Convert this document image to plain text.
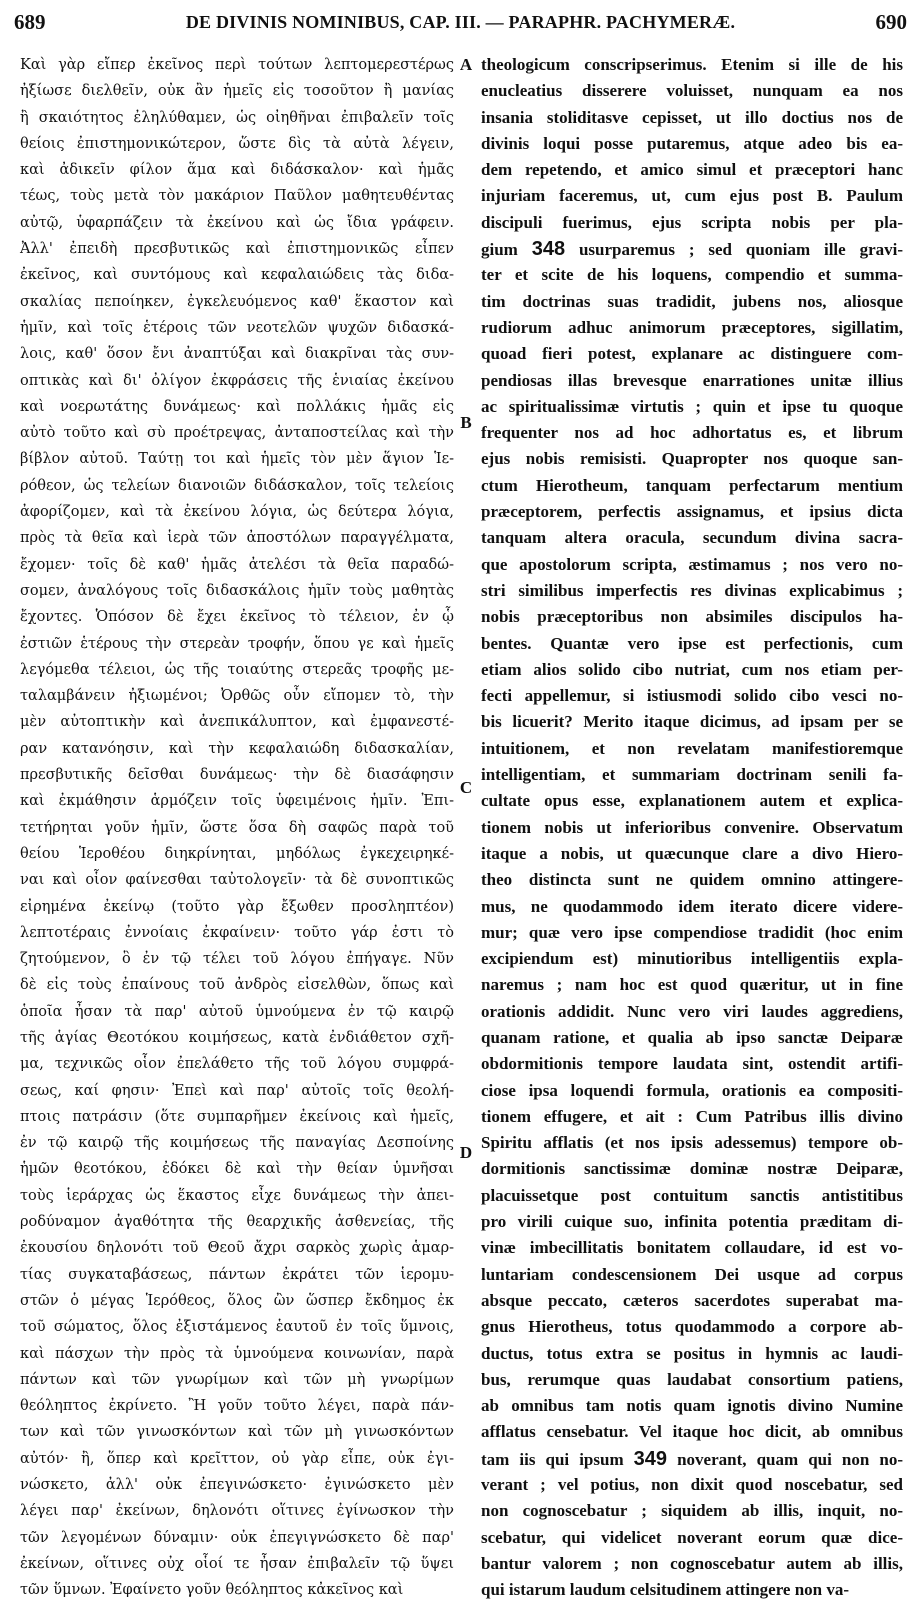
689	DE DIVINIS NOMINIBUS, CAP. III. — PARAPHR. PACHYMERÆ.	690
Καὶ γὰρ εἴπερ ἐκεῖνος περὶ τούτων λεπτομερεστέρως
ἠξίωσε διελθεῖν, οὐκ ἂν ἡμεῖς εἰς τοσοῦτον ἢ μανίας
ἢ σκαιότητος ἐληλύθαμεν, ὡς οἰηθῆναι ἐπιβαλεῖν τοῖς
θείοις ἐπιστημονικώτερον, ὥστε δὶς τὰ αὐτὰ λέγειν,
καὶ ἀδικεῖν φίλον ἅμα καὶ διδάσκαλον· καὶ ἡμᾶς
τέως, τοὺς μετὰ τὸν μακάριον Παῦλον μαθητευθέντας
αὐτῷ, ὑφαρπάζειν τὰ ἐκείνου καὶ ὡς ἴδια γράφειν.
Ἀλλ' ἐπειδὴ πρεσβυτικῶς καὶ ἐπιστημονικῶς εἶπεν
ἐκεῖνος, καὶ συντόμους καὶ κεφαλαιώδεις τὰς διδα-
σκαλίας πεποίηκεν, ἐγκελευόμενος καθ' ἕκαστον καὶ
ἡμῖν, καὶ τοῖς ἑτέροις τῶν νεοτελῶν ψυχῶν διδασκά-
λοις, καθ' ὅσον ἔνι ἀναπτύξαι καὶ διακρῖναι τὰς συν-
οπτικὰς καὶ δι' ὀλίγον ἐκφράσεις τῆς ἑνιαίας ἐκείνου
καὶ νοερωτάτης δυνάμεως· καὶ πολλάκις ἡμᾶς εἰς
αὐτὸ τοῦτο καὶ σὺ προέτρεψας, ἀνταποστείλας καὶ τὴν
βίβλον αὐτοῦ. Ταύτῃ τοι καὶ ἡμεῖς τὸν μὲν ἅγιον Ἱε-
ρόθεον, ὡς τελείων διανοιῶν διδάσκαλον, τοῖς τελείοις
ἀφορίζομεν, καὶ τὰ ἐκείνου λόγια, ὡς δεύτερα λόγια,
πρὸς τὰ θεῖα καὶ ἱερὰ τῶν ἀποστόλων παραγγέλματα,
ἔχομεν· τοῖς δὲ καθ' ἡμᾶς ἀτελέσι τὰ θεῖα παραδώ-
σομεν, ἀναλόγους τοῖς διδασκάλοις ἡμῖν τοὺς μαθητὰς
ἔχοντες. Ὁπόσον δὲ ἔχει ἐκεῖνος τὸ τέλειον, ἐν ᾧ
ἐστιῶν ἑτέρους τὴν στερεὰν τροφήν, ὅπου γε καὶ ἡμεῖς
λεγόμεθα τέλειοι, ὡς τῆς τοιαύτης στερεᾶς τροφῆς με-
ταλαμβάνειν ἠξιωμένοι; Ὀρθῶς οὖν εἴπομεν τὸ, τὴν
μὲν αὐτοπτικὴν καὶ ἀνεπικάλυπτον, καὶ ἐμφανεστέ-
ραν κατανόησιν, καὶ τὴν κεφαλαιώδη διδασκαλίαν,
πρεσβυτικῆς δεῖσθαι δυνάμεως· τὴν δὲ διασάφησιν
καὶ ἐκμάθησιν ἁρμόζειν τοῖς ὑφειμένοις ἡμῖν. Ἐπι-
τετήρηται γοῦν ἡμῖν, ὥστε ὅσα δὴ σαφῶς παρὰ τοῦ
θείου Ἱεροθέου διηκρίνηται, μηδόλως ἐγκεχειρηκέ-
ναι καὶ οἷον φαίνεσθαι ταὐτολογεῖν· τὰ δὲ συνοπτικῶς
εἰρημένα ἐκείνῳ (τοῦτο γὰρ ἔξωθεν προσληπτέον)
λεπτοτέραις ἐννοίαις ἐκφαίνειν· τοῦτο γάρ ἐστι τὸ
ζητούμενον, ὃ ἐν τῷ τέλει τοῦ λόγου ἐπήγαγε. Νῦν
δὲ εἰς τοὺς ἐπαίνους τοῦ ἀνδρὸς εἰσελθὼν, ὅπως καὶ
ὁποῖα ἦσαν τὰ παρ' αὐτοῦ ὑμνούμενα ἐν τῷ καιρῷ
τῆς ἁγίας Θεοτόκου κοιμήσεως, κατὰ ἐνδιάθετον σχῆ-
μα, τεχνικῶς οἷον ἐπελάθετο τῆς τοῦ λόγου συμφρά-
σεως, καί φησιν· Ἐπεὶ καὶ παρ' αὐτοῖς τοῖς θεολή-
πτοις πατράσιν (ὅτε συμπαρῆμεν ἐκείνοις καὶ ἡμεῖς,
ἐν τῷ καιρῷ τῆς κοιμήσεως τῆς παναγίας Δεσποίνης
ἡμῶν θεοτόκου, ἐδόκει δὲ καὶ τὴν θείαν ὑμνῆσαι
τοὺς ἱεράρχας ὡς ἕκαστος εἶχε δυνάμεως τὴν ἀπει-
ροδύναμον ἀγαθότητα τῆς θεαρχικῆς ἀσθενείας, τῆς
ἐκουσίου δηλονότι τοῦ Θεοῦ ἄχρι σαρκὸς χωρὶς ἁμαρ-
τίας συγκαταβάσεως, πάντων ἐκράτει τῶν ἱερομυ-
στῶν ὁ μέγας Ἱερόθεος, ὅλος ὢν ὥσπερ ἔκδημος ἐκ
τοῦ σώματος, ὅλος ἐξιστάμενος ἑαυτοῦ ἐν τοῖς ὕμνοις,
καὶ πάσχων τὴν πρὸς τὰ ὑμνούμενα κοινωνίαν, παρὰ
πάντων καὶ τῶν γνωρίμων καὶ τῶν μὴ γνωρίμων
θεόληπτος ἐκρίνετο. Ἢ γοῦν τοῦτο λέγει, παρὰ πάν-
των καὶ τῶν γινωσκόντων καὶ τῶν μὴ γινωσκόντων
αὐτόν· ἢ, ὅπερ καὶ κρεῖττον, οὐ γὰρ εἶπε, οὐκ ἐγι-
νώσκετο, ἀλλ' οὐκ ἐπεγινώσκετο· ἐγινώσκετο μὲν
λέγει παρ' ἐκείνων, δηλονότι οἵτινες ἐγίνωσκον τὴν
τῶν λεγομένων δύναμιν· οὐκ ἐπεγιγνώσκετο δὲ παρ'
ἐκείνων, οἵτινες οὐχ οἷοί τε ἦσαν ἐπιβαλεῖν τῷ ὕψει
τῶν ὕμνων. Ἐφαίνετο γοῦν θεόληπτος κἀκεῖνος καὶ
theologicum conscripserimus. Etenim si ille de his
enucleatius disserere voluisset, nunquam ea nos
insania stoliditasve cepisset, ut illo doctius nos de
divinis loqui posse putaremus, atque adeo bis ea-
dem repetendo, et amico simul et præceptori hanc
injuriam faceremus, ut, cum ejus post B. Paulum
discipuli fuerimus, ejus scripta nobis per pla-
gium 348 usurparemus ; sed quoniam ille gravi-
ter et scite de his loquens, compendio et summa-
tim doctrinas suas tradidit, jubens nos, aliosque
rudiorum adhuc animorum præceptores, sigillatim,
quoad fieri potest, explanare ac distinguere com-
pendiosas illas brevesque enarrationes unitæ illius
ac spiritualissimæ virtutis ; quin et ipse tu quoque
frequenter nos ad hoc adhortatus es, et librum
ejus nobis remisisti. Quapropter nos quoque san-
ctum Hierotheum, tanquam perfectarum mentium
præceptorem, perfectis assignamus, et ipsius dicta
tanquam altera oracula, secundum divina sacra-
que apostolorum scripta, æstimamus ; nos vero no-
stri similibus imperfectis res divinas explicabimus ;
nobis præceptoribus non absimiles discipulos ha-
bentes. Quantæ vero ipse est perfectionis, cum
etiam alios solido cibo nutriat, cum nos etiam per-
fecti appellemur, si istiusmodi solido cibo vesci no-
bis licuerit? Merito itaque dicimus, ad ipsam per se
intuitionem, et non revelatam manifestioremque
intelligentiam, et summariam doctrinam senili fa-
cultate opus esse, explanationem autem et explica-
tionem nobis ut inferioribus convenire. Observatum
itaque a nobis, ut quæcunque clare a divo Hiero-
theo distincta sunt ne quidem omnino attingere-
mus, ne quodammodo idem iterato dicere videre-
mur; quæ vero ipse compendiose tradidit (hoc enim
excipiendum est) minutioribus intelligentiis expla-
naremus ; nam hoc est quod quæritur, ut in fine
orationis addidit. Nunc vero viri laudes aggrediens,
quanam ratione, et qualia ab ipso sanctæ Deiparæ
obdormitionis tempore laudata sint, ostendit artifi-
ciose ipsa loquendi formula, orationis ea compositi-
tionem effugere, et ait : Cum Patribus illis divino
Spiritu afflatis (et nos ipsis adessemus) tempore ob-
dormitionis sanctissimæ dominæ nostræ Deiparæ,
placuissetque post contuitum sanctis antistitibus
pro virili cuique suo, infinita potentia præditam di-
vinæ imbecillitatis bonitatem collaudare, id est vo-
luntariam condescensionem Dei usque ad corpus
absque peccato, cæteros sacerdotes superabat ma-
gnus Hierotheus, totus quodammodo a corpore ab-
ductus, totus extra se positus in hymnis ac laudi-
bus, rerumque quas laudabat consortium patiens,
ab omnibus tam notis quam ignotis divino Numine
afflatus censebatur. Vel itaque hoc dicit, ab omnibus
tam iis qui ipsum 349 noverant, quam qui non no-
verant ; vel potius, non dixit quod noscebatur, sed
non cognoscebatur ; siquidem ab illis, inquit, no-
scebatur, qui videlicet noverant eorum quæ dice-
bantur valorem ; non cognoscebatur autem ab illis,
qui istarum laudum celsitudinem attingere non va-
A
B
C
D
